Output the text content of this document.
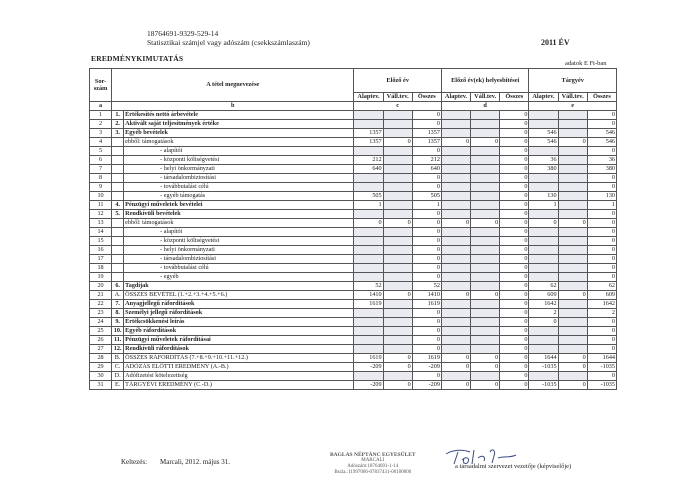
18764691-9329-529-14
Statisztikai számjel vagy adószám (csekkszámlaszám)	2011 ÉV
EREDMÉNYKIMUTATÁS
adatok E Ft-ban
Sor-szám	A tétel megnevezése		Előző év			Előző év(ek) helyesbítései			Tárgyév		
			Alaptev.	Váll.tev.	Összes	Alaptev.	Váll.tev.	Összes	Alaptev.	Váll.tev.	Összes
a	b		c			d			e		
1	1.	Értékesítés nettó árbevétele			0			0			0
2	2.	Aktivált saját teljesítmények értéke			0			0			0
3	3.	Egyéb bevételek	1357		1357			0	546		546
4		ebből: támogatások	1357	0	1357	0	0	0	546	0	546
5		- alapítói			0			0			0
6		- központi költségvetési	212		212			0	36		36
7		- helyi önkormányzati	640		640			0	380		380
8		- társadalombiztosítási			0			0			0
9		- továbbutalási célú			0			0			0
10		- egyéb támogatás	505		505			0	130		130
11	4.	Pénzügyi műveletek bevételei	1		1			0	1		1
12	5.	Rendkívüli bevételek			0			0			0
13		ebből: támogatások	0	0	0	0	0	0	0	0	0
14		- alapítói			0			0			0
15		- központi költségvetési			0			0			0
16		- helyi önkormányzati			0			0			0
17		- társadalombiztosítási			0			0			0
18		- továbbutalási célú			0			0			0
19		- egyéb			0			0			0
20	6.	Tagdíjak	52		52			0	62		62
21	A.	ÖSSZES BEVÉTEL (1.+2.+3.+4.+5.+6.)	1410	0	1410	0	0	0	609	0	609
22	7.	Anyagjellegű ráfordítások	1619		1619			0	1642		1642
23	8.	Személyi jellegű ráfordítások			0			0	2		2
24	9.	Értékcsökkenési leírás			0			0	0		0
25	10.	Egyéb ráfordítások			0			0			0
26	11.	Pénzügyi műveletek ráfordításai			0			0			0
27	12.	Rendkívüli ráfordítások			0			0			0
28	B.	ÖSSZES RÁFORDÍTÁS (7.+8.+9.+10.+11.+12.)	1619	0	1619	0	0	0	1644	0	1644
29	C.	ADÓZÁS ELŐTTI EREDMÉNY (A.-B.)	-209	0	-209	0	0	0	-1035	0	-1035
30	D.	Adófizetési kötelezettség			0			0			0
31	E.	TÁRGYÉVI EREDMÉNY (C.-D.)	-209	0	-209	0	0	0	-1035	0	-1035
Keltezés: Marcali, 2012. május 31.
BAGLAS NÉPTÁNC EGYESÜLET
MARCALI
Adószám:18764691-1-14
Bszla.:11997006-07837431-00100000
a társadalmi szervezet vezetője (képviselője)
